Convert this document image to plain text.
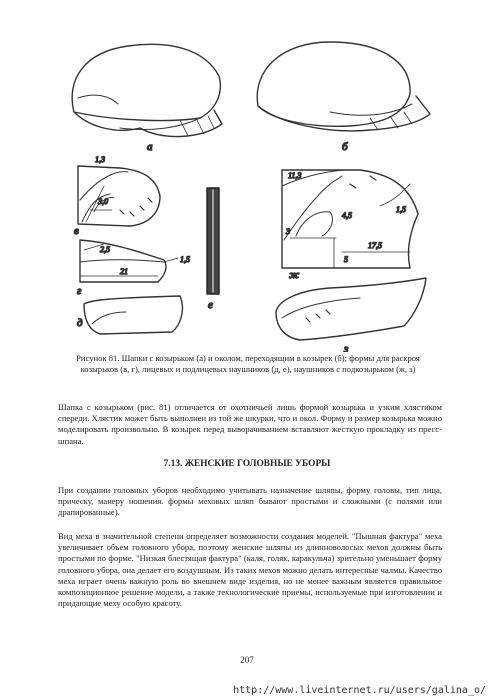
а	б
1,3
3,0
в
2,5
21
1,5
г
д
е
11,3
1,5
4,5
3
17,5
5
ж
з
Рисунок 81. Шапки с козырьком (а) и околом, переходящим в козырек (б); формы для раскроя козырьков (в, г), лицевых и подлицевых наушников (д, е), наушников с подкозырьком (ж, з)

Шапка с козырьком (рис. 81) отличается от охотничьей лишь формой козырька и узким хлястиком спереди. Хлястик может быть выполнен из той же шкурки, что и окол. Форму и размер козырька можно моделировать произвольно. В козырек перед выворачиванием вставляют жесткую прокладку из пресс-шпана.

7.13. ЖЕНСКИЕ ГОЛОВНЫЕ УБОРЫ

При создании головных уборов необходимо учитывать назначение шляпы, форму головы, тип лица, прическу, манеру ношения. формы меховых шляп бывают простыми и сложными (с полями или драпированные).

Вид меха в значительной степени определяет возможности создания моделей. "Пышная фактура" меха увеличивает объем головного убора, поэтому женские шляпы из длинноволосых мехов должны быть простыми по форме. "Низкая блестящая фактура" (каля, голяк, каракульча) зрительно уменьшает форму головного убора, она делает его воздушным. Из таких мехов можно делать интересные чалмы. Качество меха играет очень важную роль во внешнем виде изделия, но не менее важным является правильное композиционное решение модели, а также технологические приемы, используемые при изготовлении и придающие меху особую красоту.

207
http://www.liveinternet.ru/users/galina_o/
